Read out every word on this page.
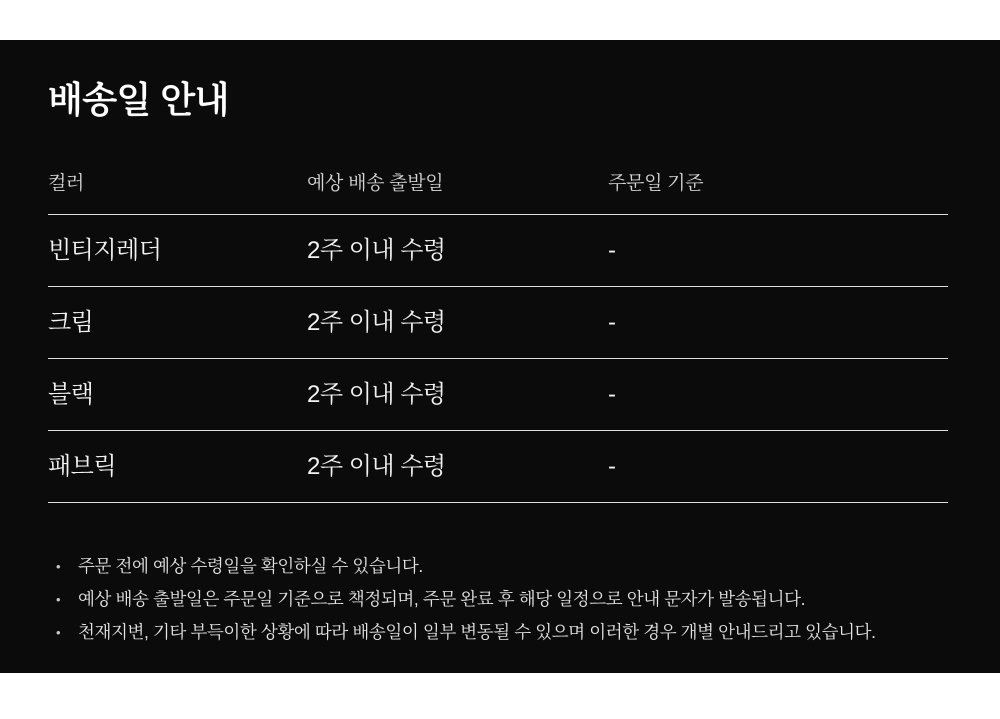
배송일 안내
컬러	예상 배송 출발일	주문일 기준
빈티지레더	2주 이내 수령	-
크림	2주 이내 수령	-
블랙	2주 이내 수령	-
패브릭	2주 이내 수령	-
• 주문 전에 예상 수령일을 확인하실 수 있습니다.
• 예상 배송 출발일은 주문일 기준으로 책정되며, 주문 완료 후 해당 일정으로 안내 문자가 발송됩니다.
• 천재지변, 기타 부득이한 상황에 따라 배송일이 일부 변동될 수 있으며 이러한 경우 개별 안내드리고 있습니다.
